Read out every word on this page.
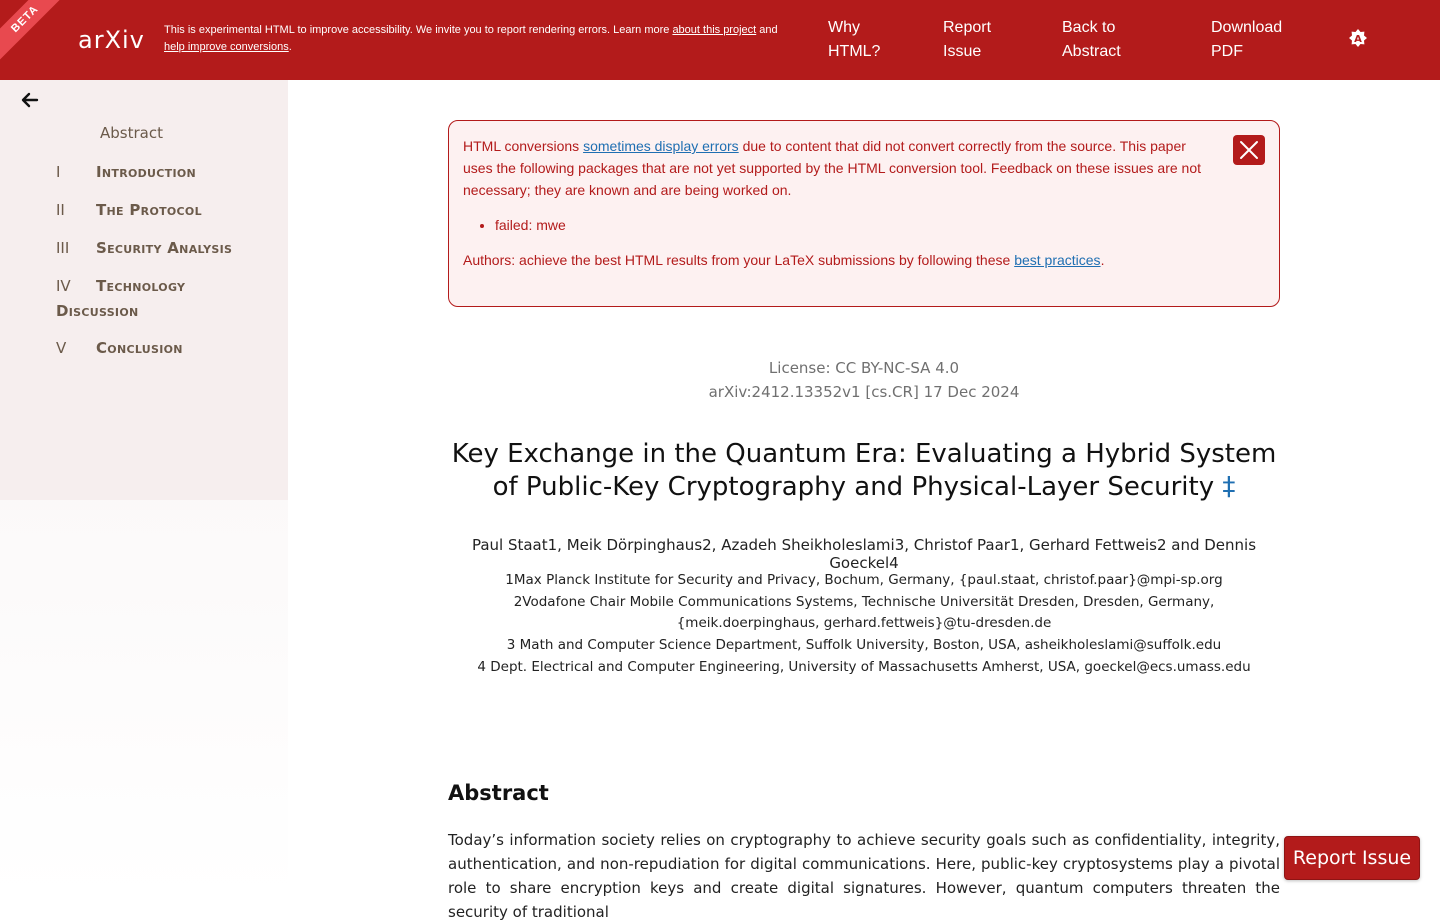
BETA
arXiv This is experimental HTML to improve accessibility. We invite you to report rendering errors. Learn more about this project and
help improve conversions.
Why
HTML?
Report
Issue
Back to
Abstract
Download
PDF
A
Abstract
I Introduction
II The Protocol
III Security Analysis
IV Technology
Discussion
V Conclusion
HTML conversions sometimes display errors due to content that did not convert correctly from the source. This paper uses the following packages that are not yet supported by the HTML conversion tool. Feedback on these issues are not necessary; they are known and are being worked on.
• failed: mwe
Authors: achieve the best HTML results from your LaTeX submissions by following these best practices.
License: CC BY-NC-SA 4.0
arXiv:2412.13352v1 [cs.CR] 17 Dec 2024
Key Exchange in the Quantum Era: Evaluating a Hybrid System
of Public-Key Cryptography and Physical-Layer Security ‡
Paul Staat1, Meik Dörpinghaus2, Azadeh Sheikholeslami3, Christof Paar1, Gerhard Fettweis2 and Dennis Goeckel4
1Max Planck Institute for Security and Privacy, Bochum, Germany, {paul.staat, christof.paar}@mpi-sp.org
2Vodafone Chair Mobile Communications Systems, Technische Universität Dresden, Dresden, Germany,
{meik.doerpinghaus, gerhard.fettweis}@tu-dresden.de
3 Math and Computer Science Department, Suffolk University, Boston, USA, asheikholeslami@suffolk.edu
4 Dept. Electrical and Computer Engineering, University of Massachusetts Amherst, USA, goeckel@ecs.umass.edu
Abstract
Today’s information society relies on cryptography to achieve security goals such as confidentiality, integrity, authentication, and non-repudiation for digital communications. Here, public-key cryptosystems play a pivotal role to share encryption keys and create digital signatures. However, quantum computers threaten the security of traditional
Report Issue
